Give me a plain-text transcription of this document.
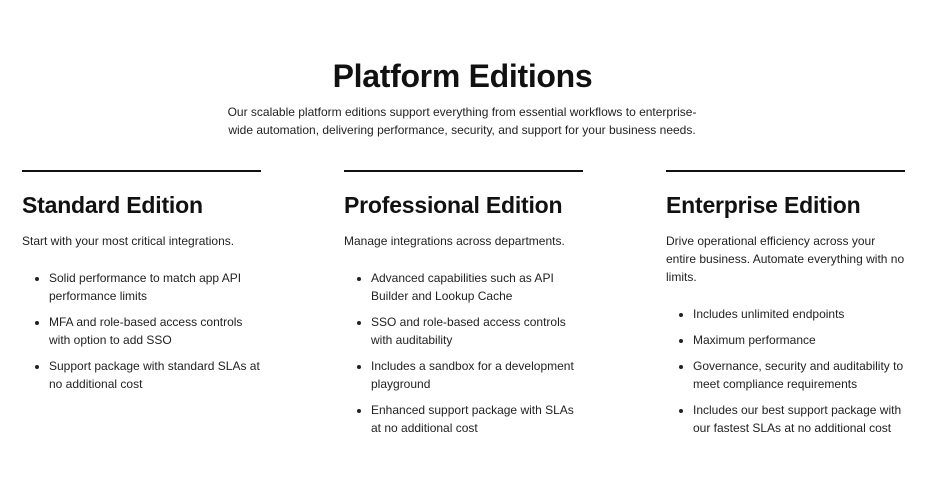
Platform Editions
Our scalable platform editions support everything from essential workflows to enterprise-wide automation, delivering performance, security, and support for your business needs.
Standard Edition
Start with your most critical integrations.
• Solid performance to match app API performance limits
• MFA and role-based access controls with option to add SSO
• Support package with standard SLAs at no additional cost
Professional Edition
Manage integrations across departments.
• Advanced capabilities such as API Builder and Lookup Cache
• SSO and role-based access controls with auditability
• Includes a sandbox for a development playground
• Enhanced support package with SLAs at no additional cost
Enterprise Edition
Drive operational efficiency across your entire business. Automate everything with no limits.
• Includes unlimited endpoints
• Maximum performance
• Governance, security and auditability to meet compliance requirements
• Includes our best support package with our fastest SLAs at no additional cost
